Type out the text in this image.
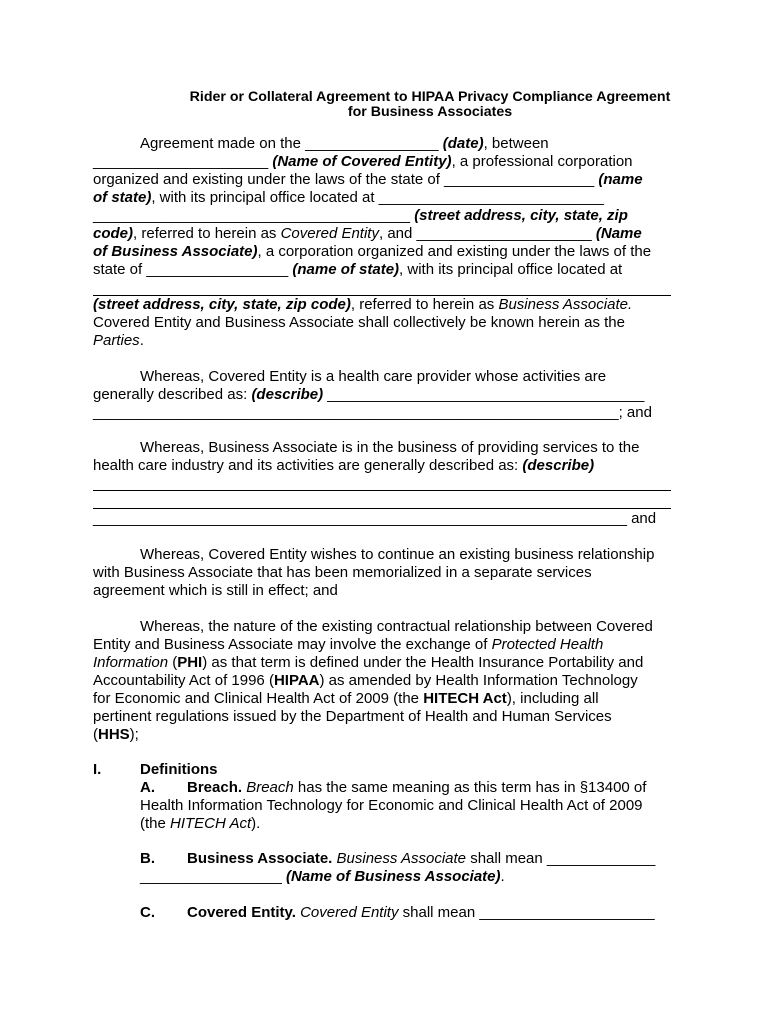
Rider or Collateral Agreement to HIPAA Privacy Compliance Agreement
for Business Associates
Agreement made on the ________________ (date), between
_____________________ (Name of Covered Entity), a professional corporation
organized and existing under the laws of the state of __________________ (name
of state), with its principal office located at ___________________________
______________________________________ (street address, city, state, zip
code), referred to herein as Covered Entity, and _____________________ (Name
of Business Associate), a corporation organized and existing under the laws of the
state of _________________ (name of state), with its principal office located at
(street address, city, state, zip code), referred to herein as Business Associate.
Covered Entity and Business Associate shall collectively be known herein as the
Parties.
Whereas, Covered Entity is a health care provider whose activities are
generally described as: (describe) ______________________________________
_______________________________________________________________; and
Whereas, Business Associate is in the business of providing services to the
health care industry and its activities are generally described as: (describe)
________________________________________________________________ and
Whereas, Covered Entity wishes to continue an existing business relationship
with Business Associate that has been memorialized in a separate services
agreement which is still in effect; and
Whereas, the nature of the existing contractual relationship between Covered
Entity and Business Associate may involve the exchange of Protected Health
Information (PHI) as that term is defined under the Health Insurance Portability and
Accountability Act of 1996 (HIPAA) as amended by Health Information Technology
for Economic and Clinical Health Act of 2009 (the HITECH Act), including all
pertinent regulations issued by the Department of Health and Human Services
(HHS);
I.	Definitions
A. Breach. Breach has the same meaning as this term has in §13400 of
Health Information Technology for Economic and Clinical Health Act of 2009
(the HITECH Act).
B. Business Associate. Business Associate shall mean _____________
_________________ (Name of Business Associate).
C. Covered Entity. Covered Entity shall mean _____________________
